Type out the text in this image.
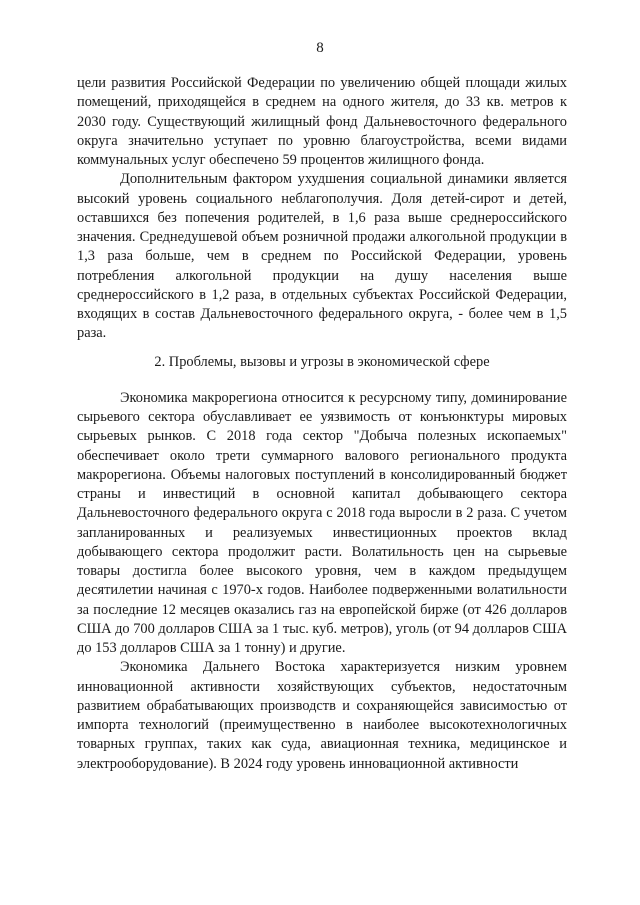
8

цели развития Российской Федерации по увеличению общей площади жилых помещений, приходящейся в среднем на одного жителя, до 33 кв. метров к 2030 году. Существующий жилищный фонд Дальневосточного федерального округа значительно уступает по уровню благоустройства, всеми видами коммунальных услуг обеспечено 59 процентов жилищного фонда.

Дополнительным фактором ухудшения социальной динамики является высокий уровень социального неблагополучия. Доля детей-сирот и детей, оставшихся без попечения родителей, в 1,6 раза выше среднероссийского значения. Среднедушевой объем розничной продажи алкогольной продукции в 1,3 раза больше, чем в среднем по Российской Федерации, уровень потребления алкогольной продукции на душу населения выше среднероссийского в 1,2 раза, в отдельных субъектах Российской Федерации, входящих в состав Дальневосточного федерального округа, - более чем в 1,5 раза.

2. Проблемы, вызовы и угрозы в экономической сфере

Экономика макрорегиона относится к ресурсному типу, доминирование сырьевого сектора обуславливает ее уязвимость от конъюнктуры мировых сырьевых рынков. С 2018 года сектор "Добыча полезных ископаемых" обеспечивает около трети суммарного валового регионального продукта макрорегиона. Объемы налоговых поступлений в консолидированный бюджет страны и инвестиций в основной капитал добывающего сектора Дальневосточного федерального округа с 2018 года выросли в 2 раза. С учетом запланированных и реализуемых инвестиционных проектов вклад добывающего сектора продолжит расти. Волатильность цен на сырьевые товары достигла более высокого уровня, чем в каждом предыдущем десятилетии начиная с 1970-х годов. Наиболее подверженными волатильности за последние 12 месяцев оказались газ на европейской бирже (от 426 долларов США до 700 долларов США за 1 тыс. куб. метров), уголь (от 94 долларов США до 153 долларов США за 1 тонну) и другие.

Экономика Дальнего Востока характеризуется низким уровнем инновационной активности хозяйствующих субъектов, недостаточным развитием обрабатывающих производств и сохраняющейся зависимостью от импорта технологий (преимущественно в наиболее высокотехнологичных товарных группах, таких как суда, авиационная техника, медицинское и электрооборудование). В 2024 году уровень инновационной активности
